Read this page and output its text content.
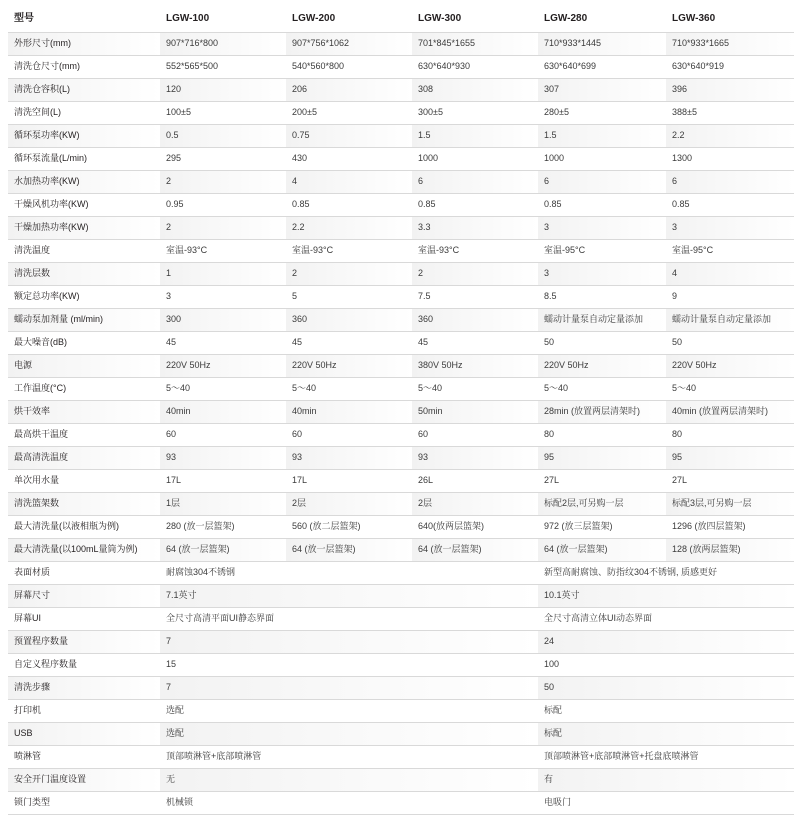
型号	LGW-100	LGW-200	LGW-300	LGW-280	LGW-360
外形尺寸(mm)	907*716*800	907*756*1062	701*845*1655	710*933*1445	710*933*1665
清洗仓尺寸(mm)	552*565*500	540*560*800	630*640*930	630*640*699	630*640*919
清洗仓容积(L)	120	206	308	307	396
清洗空间(L)	100±5	200±5	300±5	280±5	388±5
循环泵功率(KW)	0.5	0.75	1.5	1.5	2.2
循环泵流量(L/min)	295	430	1000	1000	1300
水加热功率(KW)	2	4	6	6	6
干燥风机功率(KW)	0.95	0.85	0.85	0.85	0.85
干燥加热功率(KW)	2	2.2	3.3	3	3
清洗温度	室温-93°C	室温-93°C	室温-93°C	室温-95°C	室温-95°C
清洗层数	1	2	2	3	4
额定总功率(KW)	3	5	7.5	8.5	9
蠕动泵加剂量 (ml/min)	300	360	360	蠕动计量泵自动定量添加	蠕动计量泵自动定量添加
最大噪音(dB)	45	45	45	50	50
电源	220V 50Hz	220V 50Hz	380V 50Hz	220V 50Hz	220V 50Hz
工作温度(°C)	5～40	5～40	5～40	5～40	5～40
烘干效率	40min	40min	50min	28min (放置两层清架时)	40min (放置两层清架时)
最高烘干温度	60	60	60	80	80
最高清洗温度	93	93	93	95	95
单次用水量	17L	17L	26L	27L	27L
清洗篮架数	1层	2层	2层	标配2层,可另购一层	标配3层,可另购一层
最大清洗量(以液相瓶为例)	280 (放一层篮架)	560 (放二层篮架)	640(放两层篮架)	972 (放三层篮架)	1296 (放四层篮架)
最大清洗量(以100mL量筒为例)	64 (放一层篮架)	64 (放一层篮架)	64 (放一层篮架)	64 (放一层篮架)	128 (放两层篮架)
表面材质	耐腐蚀304不锈钢			新型高耐腐蚀、防指纹304不锈钢, 质感更好	
屏幕尺寸	7.1英寸			10.1英寸	
屏幕UI	全尺寸高清平面UI静态界面			全尺寸高清立体UI动态界面	
预置程序数量	7			24	
自定义程序数量	15			100	
清洗步骤	7			50	
打印机	选配			标配	
USB	选配			标配	
喷淋管	顶部喷淋管+底部喷淋管			顶部喷淋管+底部喷淋管+托盘底喷淋管	
安全开门温度设置	无			有	
锁门类型	机械锁			电吸门	
